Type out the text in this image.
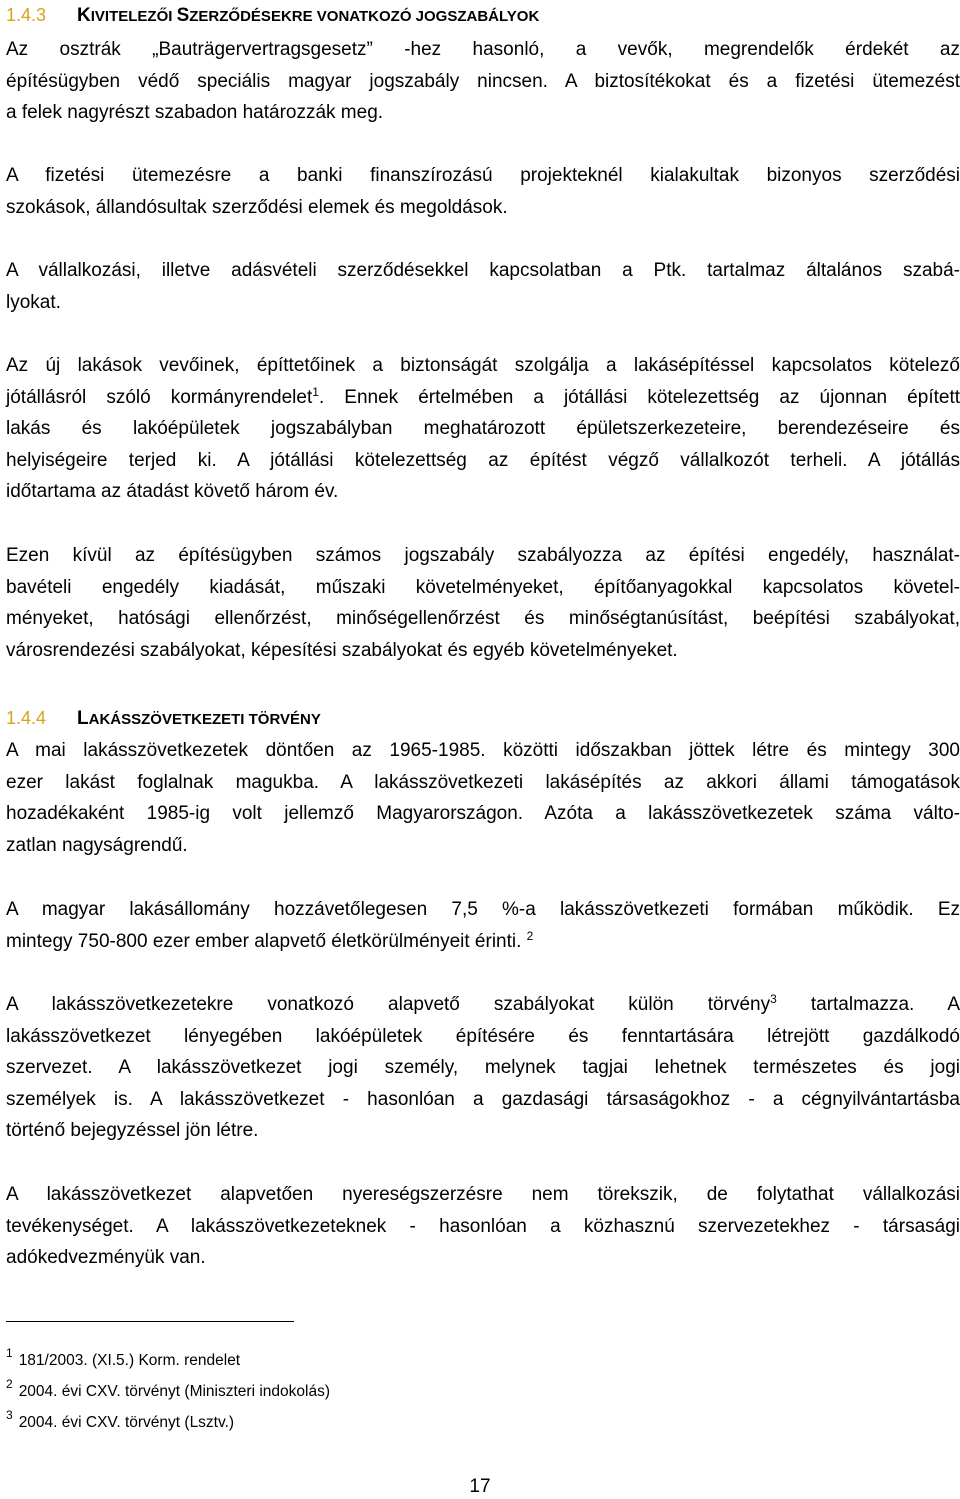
1.4.3 KIVITELEZŐI SZERZŐDÉSEKRE VONATKOZÓ JOGSZABÁLYOK
Az osztrák „Bauträgervertragsgesetz” -hez hasonló, a vevők, megrendelők érdekét az
építésügyben védő speciális magyar jogszabály nincsen. A biztosítékokat és a fizetési ütemezést
a felek nagyrészt szabadon határozzák meg.
A fizetési ütemezésre a banki finanszírozású projekteknél kialakultak bizonyos szerződési
szokások, állandósultak szerződési elemek és megoldások.
A vállalkozási, illetve adásvételi szerződésekkel kapcsolatban a Ptk. tartalmaz általános szabá-
lyokat.
Az új lakások vevőinek, építtetőinek a biztonságát szolgálja a lakásépítéssel kapcsolatos kötelező
jótállásról szóló kormányrendelet$^1$. Ennek értelmében a jótállási kötelezettség az újonnan épített
lakás és lakóépületek jogszabályban meghatározott épületszerkezeteire, berendezéseire és
helyiségeire terjed ki. A jótállási kötelezettség az építést végző vállalkozót terheli. A jótállás
időtartama az átadást követő három év.
Ezen kívül az építésügyben számos jogszabály szabályozza az építési engedély, használat-
bavételi engedély kiadását, műszaki követelményeket, építőanyagokkal kapcsolatos követel-
ményeket, hatósági ellenőrzést, minőségellenőrzést és minőségtanúsítást, beépítési szabályokat,
városrendezési szabályokat, képesítési szabályokat és egyéb követelményeket.
1.4.4 LAKÁSSZÖVETKEZETI TÖRVÉNY
A mai lakásszövetkezetek döntően az 1965-1985. közötti időszakban jöttek létre és mintegy 300
ezer lakást foglalnak magukba. A lakásszövetkezeti lakásépítés az akkori állami támogatások
hozadékaként 1985-ig volt jellemző Magyarországon. Azóta a lakásszövetkezetek száma válto-
zatlan nagyságrendű.
A magyar lakásállomány hozzávetőlegesen 7,5 %-a lakásszövetkezeti formában működik. Ez
mintegy 750-800 ezer ember alapvető életkörülményeit érinti. $^2$
A lakásszövetkezetekre vonatkozó alapvető szabályokat külön törvény$^3$ tartalmazza. A
lakásszövetkezet lényegében lakóépületek építésére és fenntartására létrejött gazdálkodó
szervezet. A lakásszövetkezet jogi személy, melynek tagjai lehetnek természetes és jogi
személyek is. A lakásszövetkezet - hasonlóan a gazdasági társaságokhoz - a cégnyilvántartásba
történő bejegyzéssel jön létre.
A lakásszövetkezet alapvetően nyereségszerzésre nem törekszik, de folytathat vállalkozási
tevékenységet. A lakásszövetkezeteknek - hasonlóan a közhasznú szervezetekhez - társasági
adókedvezményük van.
$^1$ 181/2003. (XI.5.) Korm. rendelet
$^2$ 2004. évi CXV. törvényt (Miniszteri indokolás)
$^3$ 2004. évi CXV. törvényt (Lsztv.)
17
